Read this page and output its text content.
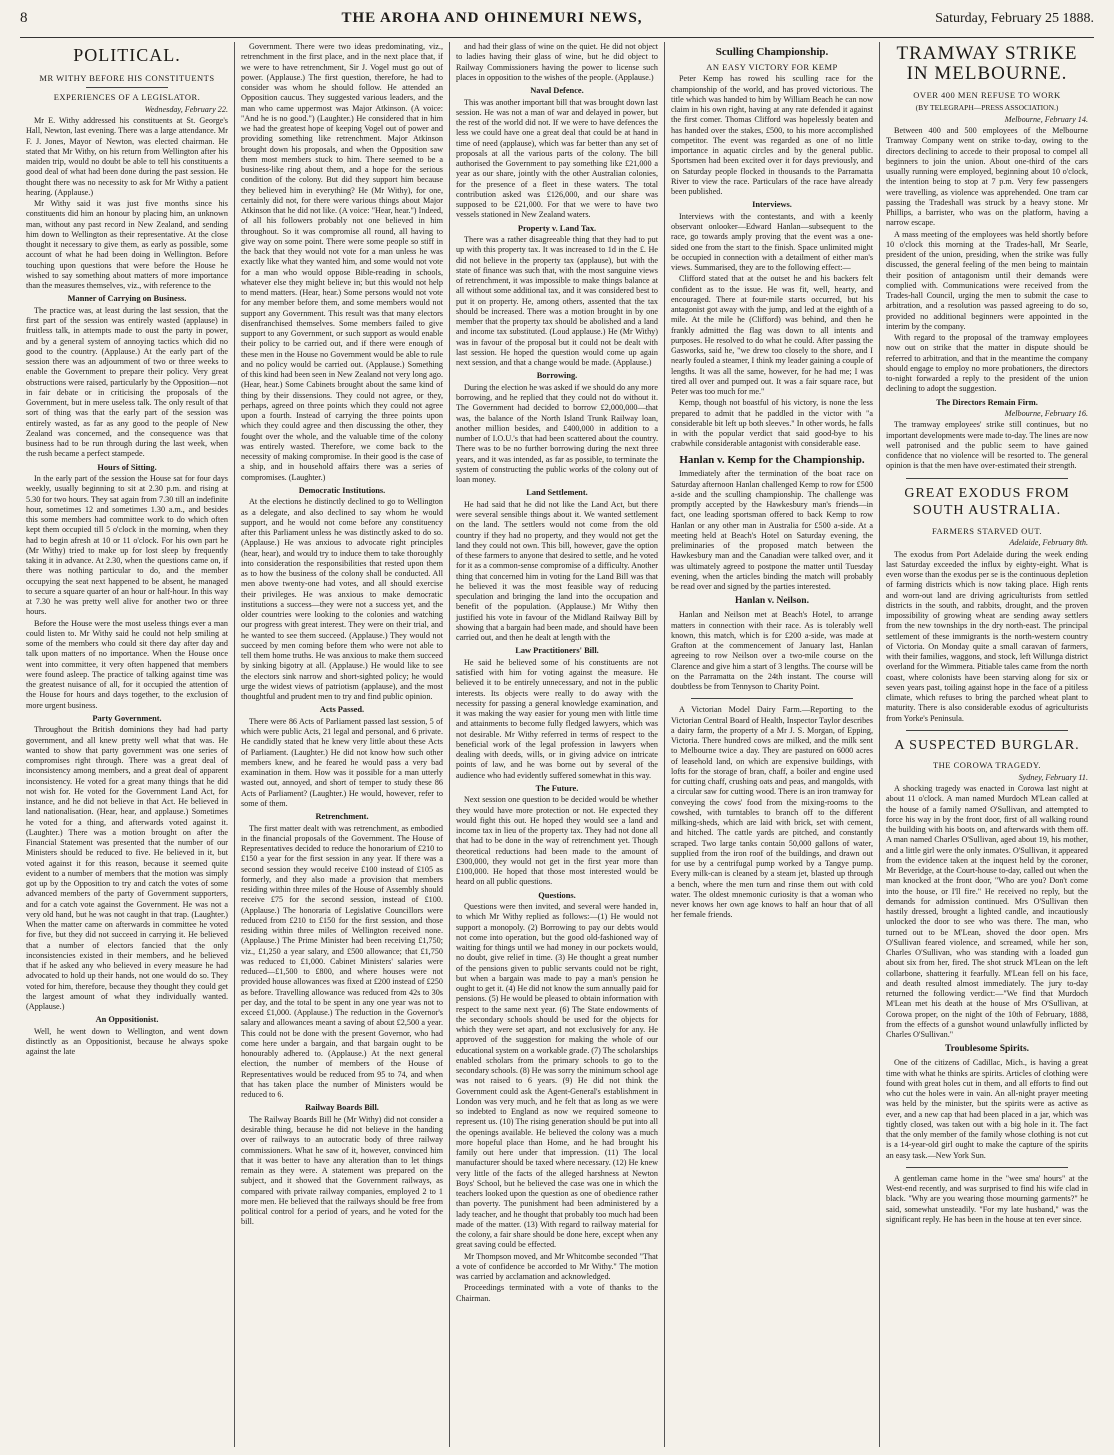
8	THE AROHA AND OHINEMURI NEWS,	Saturday, February 25 1888.
POLITICAL.
MR WITHY BEFORE HIS CONSTITUENTS
EXPERIENCES OF A LEGISLATOR.
Wednesday, February 22.

Mr E. Withy addressed his constituents at St. George's Hall, Newton, last evening. There was a large attendance. Mr F. J. Jones, Mayor of Newton, was elected chairman. He stated that Mr Withy, on his return from Wellington after his maiden trip, would no doubt be able to tell his constituents a good deal of what had been done during the past session. He thought there was no necessity to ask for Mr Withy a patient hearing. (Applause.)

Mr Withy said it was just five months since his constituents did him an honour by placing him, an unknown man, without any past record in New Zealand, and sending him down to Wellington as their representative. At the close thought it necessary to give them, as early as possible, some account of what he had been doing in Wellington. Before touching upon questions that were before the House he wished to say something about matters of more importance than the measures themselves, viz., with reference to the

Manner of Carrying on Business.

The practice was, at least during the last session, that the first part of the session was entirely wasted (applause) in fruitless talk, in attempts made to oust the party in power, and by a general system of annoying tactics which did no good to the country. (Applause.) At the early part of the session there was an adjournment of two or three weeks to enable the Government to prepare their policy. Very great obstructions were raised, particularly by the Opposition—not in fair debate or in criticising the proposals of the Government, but in mere useless talk. The only result of that sort of thing was that the early part of the session was entirely wasted, as far as any good to the people of New Zealand was concerned, and the consequence was that business had to be run through during the last week, when the rush became a perfect stampede.

Hours of Sitting.

In the early part of the session the House sat for four days weekly, usually beginning to sit at 2.30 p.m. and rising at 5.30 for two hours. They sat again from 7.30 till an indefinite hour, sometimes 12 and sometimes 1.30 a.m., and besides this some members had committee work to do which often kept them occupied till 5 o'clock in the morning, when they had to begin afresh at 10 or 11 o'clock. For his own part he (Mr Withy) tried to make up for lost sleep by frequently taking it in advance. At 2.30, when the questions came on, if there was nothing particular to do, and the member occupying the seat next happened to be absent, he managed to secure a square quarter of an hour or half-hour. In this way at 7.30 he was pretty well alive for another two or three hours.

Before the House were the most useless things ever a man could listen to. Mr Withy said he could not help smiling at some of the members who could sit there day after day and talk upon matters of no importance. When the House once went into committee, it very often happened that members were found asleep. The practice of talking against time was the greatest nuisance of all, for it occupied the attention of the House for hours and days together, to the exclusion of more urgent business.

Party Government.

Throughout the British dominions they had had party government, and all knew pretty well what that was. He wanted to show that party government was one series of compromises right through. There was a great deal of inconsistency among members, and a great deal of apparent inconsistency. He voted for a great many things that he did not wish for. He voted for the Government Land Act, for instance, and he did not believe in that Act. He believed in land nationalisation. (Hear, hear, and applause.) Sometimes he voted for a thing, and afterwards voted against it. (Laughter.) There was a motion brought on after the Financial Statement was presented that the number of our Ministers should be reduced to five. He believed in it, but voted against it for this reason, because it seemed quite evident to a number of members that the motion was simply got up by the Opposition to try and catch the votes of some advanced members of the party of Government supporters, and for a catch vote against the Government. He was not a very old hand, but he was not caught in that trap. (Laughter.) When the matter came on afterwards in committee he voted for five, but they did not succeed in carrying it. He believed that a number of electors fancied that the only inconsistencies existed in their members, and he believed that if he asked any who believed in every measure he had advocated to hold up their hands, not one would do so. They voted for him, therefore, because they thought they could get the largest amount of what they individually wanted. (Applause.)

An Oppositionist.

Well, he went down to Wellington, and went down distinctly as an Oppositionist, because he always spoke against the late

Government. There were two ideas predominating, viz., retrenchment in the first place, and in the next place that, if we were to have retrenchment, Sir J. Vogel must go out of power. (Applause.) The first question, therefore, he had to consider was whom he should follow. He attended an Opposition caucus. They suggested various leaders, and the man who came uppermost was Major Atkinson. (A voice: "And he is no good.") (Laughter.) He considered that in him we had the greatest hope of keeping Vogel out of power and providing something like retrenchment. Major Atkinson brought down his proposals, and when the Opposition saw them most members stuck to him. There seemed to be a business-like ring about them, and a hope for the serious condition of the colony. But did they support him because they believed him in everything? He (Mr Withy), for one, certainly did not, for there were various things about Major Atkinson that he did not like. (A voice: "Hear, hear.") Indeed, of all his followers probably not one believed in him throughout. So it was compromise all round, all having to give way on some point. There were some people so stiff in the back that they would not vote for a man unless he was exactly like what they wanted him, and some would not vote for a man who would oppose Bible-reading in schools, whatever else they might believe in; but this would not help to mend matters. (Hear, hear.) Some persons would not vote for any member before them, and some members would not support any Government. This result was that many electors disenfranchised themselves. Some members failed to give support to any Government, or such support as would enable their policy to be carried out, and if there were enough of these men in the House no Government would be able to rule and no policy would be carried out. (Applause.) Something of this kind had been seen in New Zealand not very long ago. (Hear, hear.) Some Cabinets brought about the same kind of thing by their dissensions. They could not agree, or they, perhaps, agreed on three points which they could not agree upon a fourth. Instead of carrying the three points upon which they could agree and then discussing the other, they fought over the whole, and the valuable time of the colony was entirely wasted. Therefore, we come back to the necessity of making compromise. In their good is the case of a ship, and in household affairs there was a series of compromises. (Laughter.)

Democratic Institutions.

At the elections he distinctly declined to go to Wellington as a delegate, and also declined to say whom he would support, and he would not come before any constituency after this Parliament unless he was distinctly asked to do so. (Applause.) He was anxious to advocate right principles (hear, hear), and would try to induce them to take thoroughly into consideration the responsibilities that rested upon them as to how the business of the colony shall be conducted. All men above twenty-one had votes, and all should exercise their privileges. He was anxious to make democratic institutions a success—they were not a success yet, and the older countries were looking to the colonies and watching our progress with great interest. They were on their trial, and he wanted to see them succeed. (Applause.) They would not succeed by men coming before them who were not able to tell them home truths. He was anxious to make them succeed by sinking bigotry at all. (Applause.) He would like to see the electors sink narrow and short-sighted policy; he would urge the widest views of patriotism (applause), and the most thoughtful and prudent men to try and find public opinion.

Acts Passed.

There were 86 Acts of Parliament passed last session, 5 of which were public Acts, 21 legal and personal, and 6 private. He candidly stated that he knew very little about these Acts of Parliament. (Laughter.) He did not know how such other members knew, and he feared he would pass a very bad examination in them. How was it possible for a man utterly wasted out, annoyed, and short of temper to study these 86 Acts of Parliament? (Laughter.) He would, however, refer to some of them.

Retrenchment.

The first matter dealt with was retrenchment, as embodied in the financial proposals of the Government. The House of Representatives decided to reduce the honorarium of £210 to £150 a year for the first session in any year. If there was a second session they would receive £100 instead of £105 as formerly, and they also made a provision that members residing within three miles of the House of Assembly should receive £75 for the second session, instead of £100. (Applause.) The honoraria of Legislative Councillors were reduced from £210 to £150 for the first session, and those residing within three miles of Wellington received none. (Applause.) The Prime Minister had been receiving £1,750; viz., £1,250 a year salary, and £500 allowance; that £1,750 was reduced to £1,000. Cabinet Ministers' salaries were reduced—£1,500 to £800, and where houses were not provided house allowances was fixed at £200 instead of £250 as before. Travelling allowance was reduced from 42s to 30s per day, and the total to be spent in any one year was not to exceed £1,000. (Applause.) The reduction in the Governor's salary and allowances meant a saving of about £2,500 a year. This could not be done with the present Governor, who had come here under a bargain, and that bargain ought to be honourably adhered to. (Applause.) At the next general election, the number of members of the House of Representatives would be reduced from 95 to 74, and when that has taken place the number of Ministers would be reduced to 6.

Railway Boards Bill.

The Railway Boards Bill he (Mr Withy) did not consider a desirable thing, because he did not believe in the handing over of railways to an autocratic body of three railway commissioners. What he saw of it, however, convinced him that it was better to have any alteration than to let things remain as they were. A statement was prepared on the subject, and it showed that the Government railways, as compared with private railway companies, employed 2 to 1 more men. He believed that the railways should be free from political control for a period of years, and he voted for the bill.

and had their glass of wine on the quiet. He did not object to ladies having their glass of wine, but he did object to Railway Commissioners having the power to license such places in opposition to the wishes of the people. (Applause.)

Naval Defence.

This was another important bill that was brought down last session. He was not a man of war and delayed in power, but the rest of the world did not. If we were to have defences the less we could have one a great deal that could be at hand in time of need (applause), which was far better than any set of proposals at all the various parts of the colony. The bill authorised the Government to pay something like £21,000 a year as our share, jointly with the other Australian colonies, for the presence of a fleet in these waters. The total contribution asked was £126,000, and our share was supposed to be £21,000. For that we were to have two vessels stationed in New Zealand waters.

Property v. Land Tax.

There was a rather disagreeable thing that they had to put up with this property tax. It was increased to 1d in the £. He did not believe in the property tax (applause), but with the state of finance was such that, with the most sanguine views of retrenchment, it was impossible to make things balance at all without some additional tax, and it was considered best to put it on property. He, among others, assented that the tax should be increased. There was a motion brought in by one member that the property tax should be abolished and a land and income tax substituted. (Loud applause.) He (Mr Withy) was in favour of the proposal but it could not be dealt with last session. He hoped the question would come up again next session, and that a change would be made. (Applause.)

Borrowing.

During the election he was asked if we should do any more borrowing, and he replied that they could not do without it. The Government had decided to borrow £2,000,000—that was, the balance of the North Island Trunk Railway loan, another million besides, and £400,000 in addition to a number of I.O.U.'s that had been scattered about the country. There was to be no further borrowing during the next three years, and it was intended, as far as possible, to terminate the system of constructing the public works of the colony out of loan money.

Land Settlement.

He had said that he did not like the Land Act, but there were several sensible things about it. We wanted settlement on the land. The settlers would not come from the old country if they had no property, and they would not get the land they could not own. This bill, however, gave the option of these farmers to anyone that desired to settle, and he voted for it as a common-sense compromise of a difficulty. Another thing that concerned him in voting for the Land Bill was that he believed it was the most feasible way of reducing speculation and bringing the land into the occupation and benefit of the population. (Applause.) Mr Withy then justified his vote in favour of the Midland Railway Bill by showing that a bargain had been made, and should have been carried out, and then he dealt at length with the

Law Practitioners' Bill.

He said he believed some of his constituents are not satisfied with him for voting against the measure. He believed it to be entirely unnecessary, and not in the public interests. Its objects were really to do away with the necessity for passing a general knowledge examination, and it was making the way easier for young men with little time and attainments to become fully fledged lawyers, which was not desirable. Mr Withy referred in terms of respect to the beneficial work of the legal profession in lawyers when dealing with deeds, wills, or in giving advice on intricate points of law, and he was borne out by several of the audience who had evidently suffered somewhat in this way.

The Future.

Next session one question to be decided would be whether they would have more protection or not. He expected they would fight this out. He hoped they would see a land and income tax in lieu of the property tax. They had not done all that had to be done in the way of retrenchment yet. Though theoretical reductions had been made to the amount of £300,000, they would not get in the first year more than £100,000. He hoped that those most interested would be heard on all public questions.

Questions.

Questions were then invited, and several were handed in, to which Mr Withy replied as follows:—(1) He would not support a monopoly. (2) Borrowing to pay our debts would not come into operation, but the good old-fashioned way of waiting for things until we had money in our pockets would, no doubt, give relief in time. (3) He thought a great number of the pensions given to public servants could not be right, but when a bargain was made to pay a man's pension he ought to get it. (4) He did not know the sum annually paid for pensions. (5) He would be pleased to obtain information with respect to the same next year. (6) The State endowments of the secondary schools should be used for the objects for which they were set apart, and not exclusively for any. He approved of the suggestion for making the whole of our educational system on a workable grade. (7) The scholarships enabled scholars from the primary schools to go to the secondary schools. (8) He was sorry the minimum school age was not raised to 6 years. (9) He did not think the Government could ask the Agent-General's establishment in London was very much, and he felt that as long as we were so indebted to England as now we required someone to represent us. (10) The rising generation should be put into all the openings available. He believed the colony was a much more hopeful place than Home, and he had brought his family out here under that impression. (11) The local manufacturer should be taxed where necessary. (12) He knew very little of the facts of the alleged harshness at Newton Boys' School, but he believed the case was one in which the teachers looked upon the question as one of obedience rather than poverty. The punishment had been administered by a lady teacher, and he thought that probably too much had been made of the matter. (13) With regard to railway material for the colony, a fair share should be done here, except when any great saving could be effected.

Mr Thompson moved, and Mr Whitcombe seconded "That a vote of confidence be accorded to Mr Withy." The motion was carried by acclamation and acknowledged.

Proceedings terminated with a vote of thanks to the Chairman.

Sculling Championship.
AN EASY VICTORY FOR KEMP

Peter Kemp has rowed his sculling race for the championship of the world, and has proved victorious. The title which was handed to him by William Beach he can now claim in his own right, having at any rate defended it against the first comer. Thomas Clifford was hopelessly beaten and has handed over the stakes, £500, to his more accomplished competitor. The event was regarded as one of no little importance in aquatic circles and by the general public. Sportsmen had been excited over it for days previously, and on Saturday people flocked in thousands to the Parramatta River to view the race. Particulars of the race have already been published.

Interviews.

Interviews with the contestants, and with a keenly observant onlooker—Edward Hanlan—subsequent to the race, go towards amply proving that the event was a one-sided one from the start to the finish. Space unlimited might be occupied in connection with a detailment of either man's views. Summarised, they are to the following effect:—

Clifford stated that at the outset he and his backers felt confident as to the issue. He was fit, well, hearty, and encouraged. There at four-mile starts occurred, but his antagonist got away with the jump, and led at the eighth of a mile. At the mile he (Clifford) was behind, and then he frankly admitted the flag was down to all intents and purposes. He resolved to do what he could. After passing the Gasworks, said he, "we drew too closely to the shore, and I nearly fouled a steamer, I think my leader gaining a couple of lengths. It was all the same, however, for he had me; I was tired all over and pumped out. It was a fair square race, but Peter was too much for me."

Kemp, though not boastful of his victory, is none the less prepared to admit that he paddled in the victor with "a considerable bit left up both sleeves." In other words, he falls in with the popular verdict that said good-bye to his crabwhile considerable antagonist with considerable ease.

Hanlan v. Kemp for the Championship.

Immediately after the termination of the boat race on Saturday afternoon Hanlan challenged Kemp to row for £500 a-side and the sculling championship. The challenge was promptly accepted by the Hawkesbury man's friends—in fact, one leading sportsman offered to back Kemp to row Hanlan or any other man in Australia for £500 a-side. At a meeting held at Beach's Hotel on Saturday evening, the preliminaries of the proposed match between the Hawkesbury man and the Canadian were talked over, and it was ultimately agreed to postpone the matter until Tuesday evening, when the articles binding the match will probably be read over and signed by the parties interested.

Hanlan v. Neilson.

Hanlan and Neilson met at Beach's Hotel, to arrange matters in connection with their race. As is tolerably well known, this match, which is for £200 a-side, was made at Grafton at the commencement of January last, Hanlan agreeing to row Neilson over a two-mile course on the Clarence and give him a start of 3 lengths. The course will be on the Parramatta on the 24th instant. The course will doubtless be from Tennyson to Charity Point.

A Victorian Model Dairy Farm.—Reporting to the Victorian Central Board of Health, Inspector Taylor describes a dairy farm, the property of a Mr J. S. Morgan, of Epping, Victoria. There hundred cows are milked, and the milk sent to Melbourne twice a day. They are pastured on 6000 acres of leasehold land, on which are expensive buildings, with lofts for the storage of bran, chaff, a boiler and engine used for cutting chaff, crushing oats and peas, and mangolds, with a circular saw for cutting wood. There is an iron tramway for conveying the cows' food from the mixing-rooms to the cowshed, with turntables to branch off to the different milking-sheds, which are laid with brick, set with cement, and hitched. The cattle yards are pitched, and constantly scraped. Two large tanks contain 50,000 gallons of water, supplied from the iron roof of the buildings, and drawn out for use by a centrifugal pump worked by a Tangye pump. Every milk-can is cleaned by a steam jet, blasted up through a bench, where the men turn and rinse them out with cold water. The oldest mnemonic curiosity is that a woman who never knows her own age knows to half an hour that of all her female friends.

TRAMWAY STRIKE IN MELBOURNE.
OVER 400 MEN REFUSE TO WORK
(BY TELEGRAPH—PRESS ASSOCIATION.)
Melbourne, February 14.

Between 400 and 500 employees of the Melbourne Tramway Company went on strike to-day, owing to the directors declining to accede to their proposal to compel all beginners to join the union. About one-third of the cars usually running were employed, beginning about 10 o'clock, the intention being to stop at 7 p.m. Very few passengers were travelling, as violence was apprehended. One tram car passing the Tradeshall was struck by a heavy stone. Mr Phillips, a barrister, who was on the platform, having a narrow escape.

A mass meeting of the employees was held shortly before 10 o'clock this morning at the Trades-hall, Mr Searle, president of the union, presiding, when the strike was fully discussed, the general feeling of the men being to maintain their position of antagonism until their demands were complied with. Communications were received from the Trades-hall Council, urging the men to submit the case to arbitration, and a resolution was passed agreeing to do so, provided no additional beginners were appointed in the interim by the company.

With regard to the proposal of the tramway employees now out on strike that the matter in dispute should be referred to arbitration, and that in the meantime the company should engage to employ no more probationers, the directors to-night forwarded a reply to the president of the union declining to adopt the suggestion.

The Directors Remain Firm.
Melbourne, February 16.

The tramway employees' strike still continues, but no important developments were made to-day. The lines are now well patronised and the public seem to have gained confidence that no violence will be resorted to. The general opinion is that the men have over-estimated their strength.

GREAT EXODUS FROM SOUTH AUSTRALIA.
FARMERS STARVED OUT.
Adelaide, February 8th.

The exodus from Port Adelaide during the week ending last Saturday exceeded the influx by eighty-eight. What is even worse than the exodus per se is the continuous depletion of farming districts which is now taking place. High rents and worn-out land are driving agriculturists from settled districts in the south, and rabbits, drought, and the proven impossibility of growing wheat are sending away settlers from the new townships in the dry north-east. The principal settlement of these immigrants is the north-western country of Victoria. On Monday quite a small caravan of farmers, with their families, waggons, and stock, left Willunga district overland for the Wimmera. Pitiable tales came from the north coast, where colonists have been starving along for six or seven years past, toiling against hope in the face of a pitiless climate, which refuses to bring the parched wheat plant to maturity. There is also considerable exodus of agriculturists from Yorke's Peninsula.

A SUSPECTED BURGLAR.
THE COROWA TRAGEDY.
Sydney, February 11.

A shocking tragedy was enacted in Corowa last night at about 11 o'clock. A man named Murdoch M'Lean called at the house of a family named O'Sullivan, and attempted to force his way in by the front door, first of all walking round the building with his boots on, and afterwards with them off. A man named Charles O'Sullivan, aged about 19, his mother, and a little girl were the only inmates. O'Sullivan, it appeared from the evidence taken at the inquest held by the coroner, Mr Beveridge, at the Court-house to-day, called out when the man knocked at the front door, "Who are you? Don't come into the house, or I'll fire." He received no reply, but the demands for admission continued. Mrs O'Sullivan then hastily dressed, brought a lighted candle, and incautiously unlocked the door to see who was there. The man, who turned out to be M'Lean, shoved the door open. Mrs O'Sullivan feared violence, and screamed, while her son, Charles O'Sullivan, who was standing with a loaded gun about six from her, fired. The shot struck M'Lean on the left collarbone, shattering it fearfully. M'Lean fell on his face, and death resulted almost immediately. The jury to-day returned the following verdict:—"We find that Murdoch M'Lean met his death at the house of Mrs O'Sullivan, at Corowa proper, on the night of the 10th of February, 1888, from the effects of a gunshot wound unlawfully inflicted by Charles O'Sullivan."

Troublesome Spirits.

One of the citizens of Cadillac, Mich., is having a great time with what he thinks are spirits. Articles of clothing were found with great holes cut in them, and all efforts to find out who cut the holes were in vain. An all-night prayer meeting was held by the minister, but the spirits were as active as ever, and a new cap that had been placed in a jar, which was tightly closed, was taken out with a big hole in it. The fact that the only member of the family whose clothing is not cut is a 14-year-old girl ought to make the capture of the spirits an easy task.—New York Sun.

A gentleman came home in the "wee sma' hours" at the West-end recently, and was surprised to find his wife clad in black. "Why are you wearing those mourning garments?" he said, somewhat unsteadily. "For my late husband," was the significant reply. He has been in the house at ten ever since.
